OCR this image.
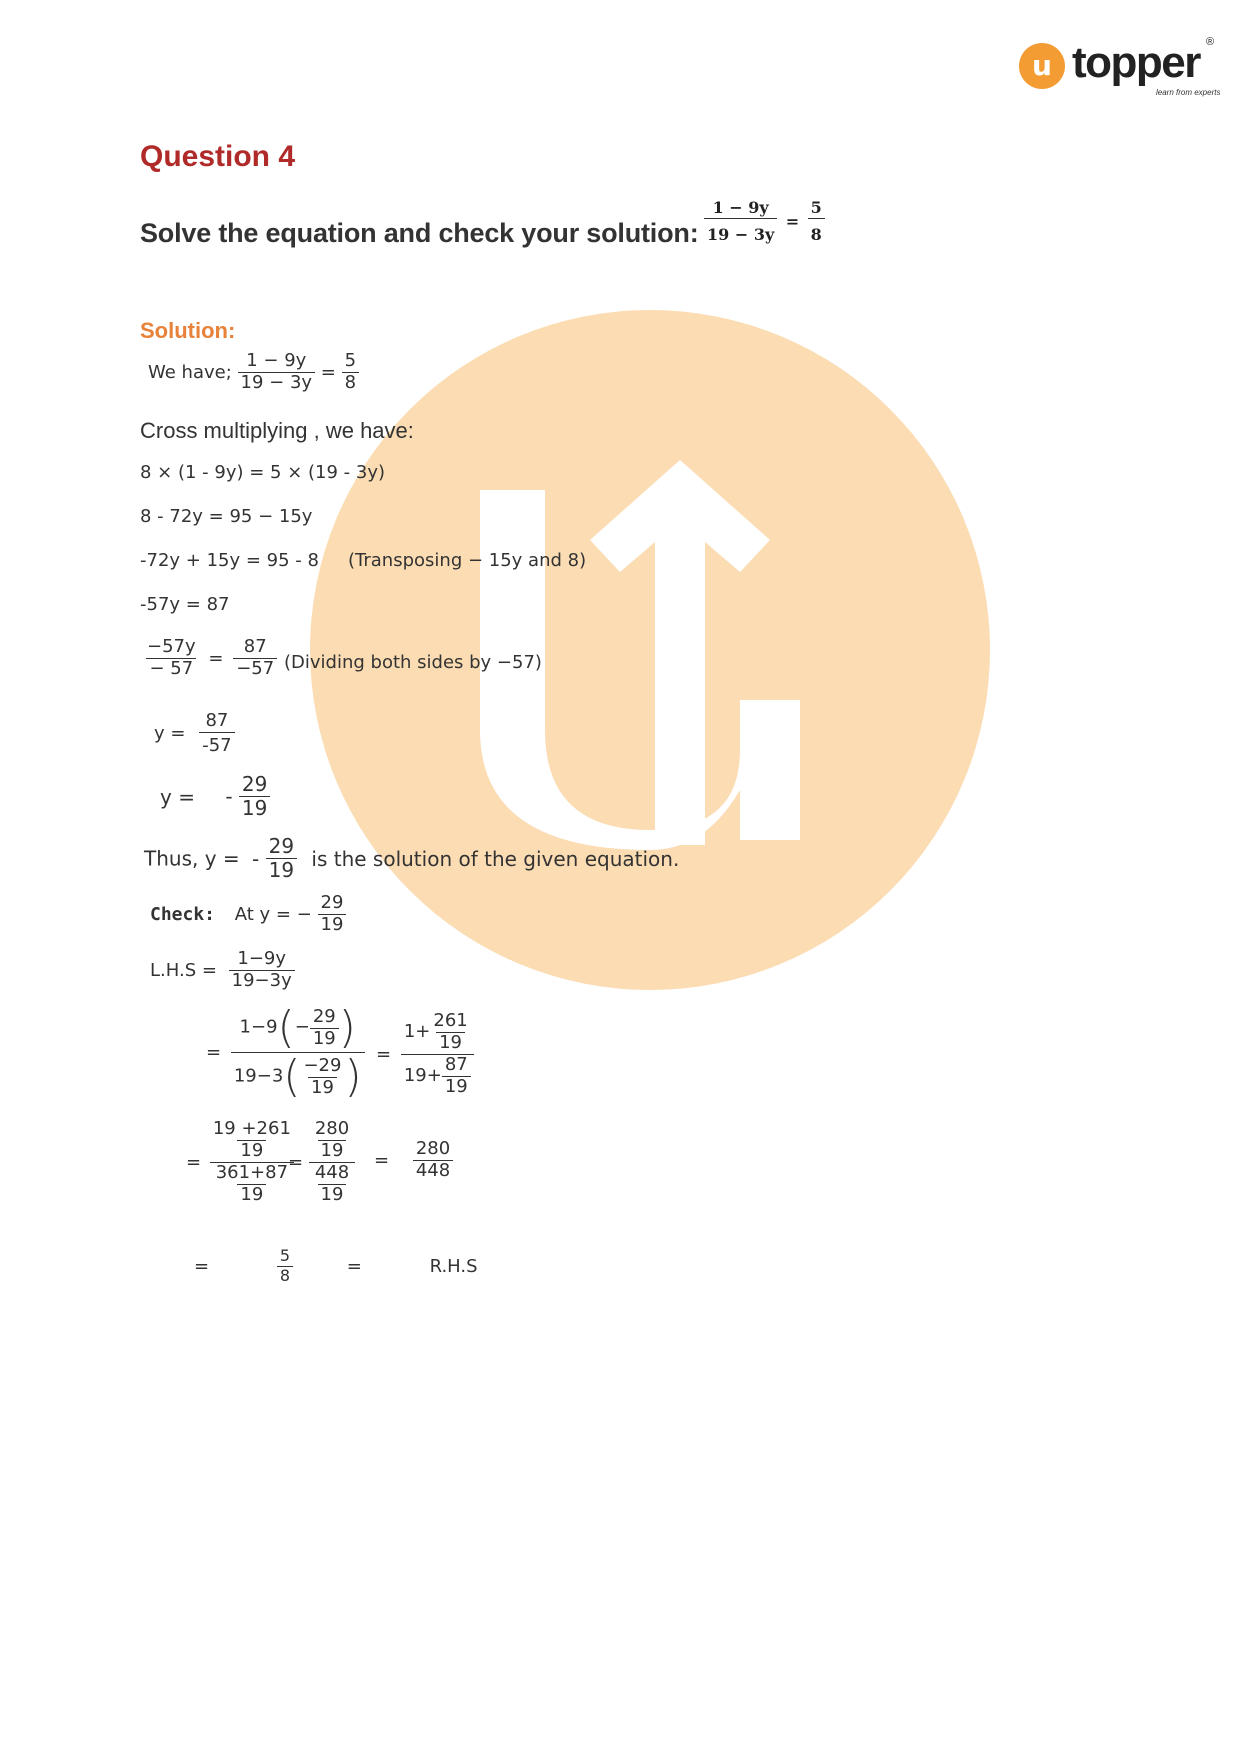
u topper ®
learn from experts
Question 4
Solve the equation and check your solution: $\frac{1 - 9y}{19 - 3y} = \frac{5}{8}$
Solution:
We have; $\frac{1 - 9y}{19 - 3y} = \frac{5}{8}$
Cross multiplying , we have:
8 × (1 - 9y) = 5 × (19 - 3y)
8 - 72y = 95 − 15y
-72y + 15y = 95 - 8 (Transposing − 15y and 8)
-57y = 87
$\frac{-57y}{- 57} = \frac{87}{-57}$ (Dividing both sides by −57)
$y = \frac{87}{-57}$
y = - $\frac{29}{19}$
Thus, y = - $\frac{29}{19}$ is the solution of the given equation.
Check: At y = − $\frac{29}{19}$
$L.H.S = \frac{1-9y}{19-3y}$
= $\frac{1-9(- \frac{29}{19} )}{19-3( \frac{-29}{19} )} = \frac{1+ \frac{261}{19}}{19+ \frac{87}{19}}$
= $\frac{\frac{19 +261}{19}}{\frac{361+87}{19}}$
= $\frac{\frac{280}{19}}{\frac{448}{19}} = \frac{280}{448}$
=	$\frac{5}{8}$	=	R.H.S
